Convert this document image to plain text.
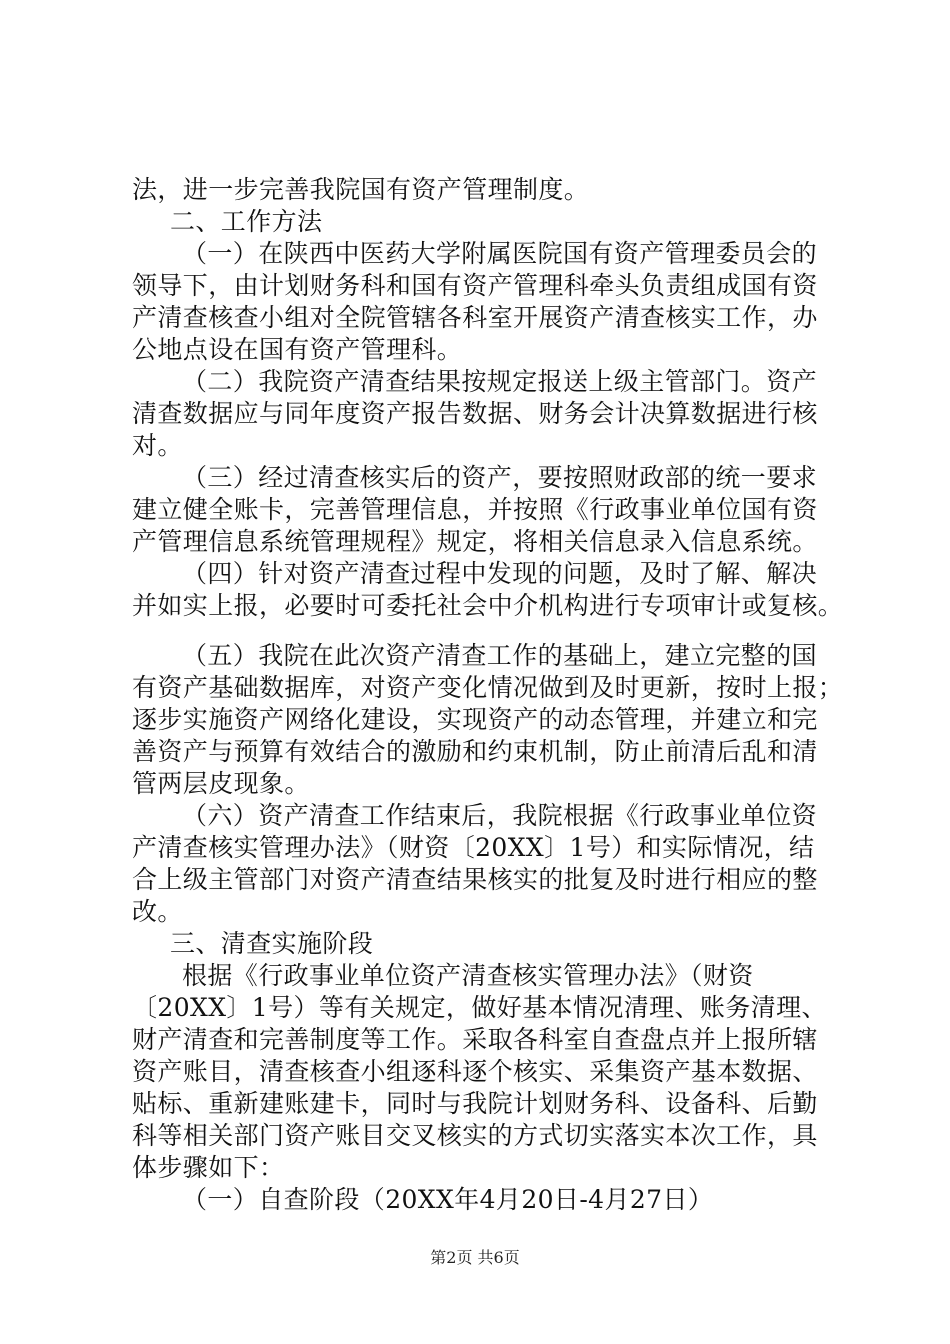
法，进一步完善我院国有资产管理制度。
二、工作方法
（一）在陕西中医药大学附属医院国有资产管理委员会的
领导下，由计划财务科和国有资产管理科牵头负责组成国有资
产清查核查小组对全院管辖各科室开展资产清查核实工作，办
公地点设在国有资产管理科。
（二）我院资产清查结果按规定报送上级主管部门。资产
清查数据应与同年度资产报告数据、财务会计决算数据进行核
对。
（三）经过清查核实后的资产，要按照财政部的统一要求
建立健全账卡，完善管理信息，并按照《行政事业单位国有资
产管理信息系统管理规程》规定，将相关信息录入信息系统。
（四）针对资产清查过程中发现的问题，及时了解、解决
并如实上报，必要时可委托社会中介机构进行专项审计或复核。
（五）我院在此次资产清查工作的基础上，建立完整的国
有资产基础数据库，对资产变化情况做到及时更新，按时上报；
逐步实施资产网络化建设，实现资产的动态管理，并建立和完
善资产与预算有效结合的激励和约束机制，防止前清后乱和清
管两层皮现象。
（六）资产清查工作结束后，我院根据《行政事业单位资
产清查核实管理办法》（财资〔20XX〕1号）和实际情况，结
合上级主管部门对资产清查结果核实的批复及时进行相应的整
改。
三、清查实施阶段
根据《行政事业单位资产清查核实管理办法》（财资
〔20XX〕1号）等有关规定，做好基本情况清理、账务清理、
财产清查和完善制度等工作。采取各科室自查盘点并上报所辖
资产账目，清查核查小组逐科逐个核实、采集资产基本数据、
贴标、重新建账建卡，同时与我院计划财务科、设备科、后勤
科等相关部门资产账目交叉核实的方式切实落实本次工作，具
体步骤如下：
（一）自查阶段（20XX年4月20日-4月27日）
第2页 共6页
